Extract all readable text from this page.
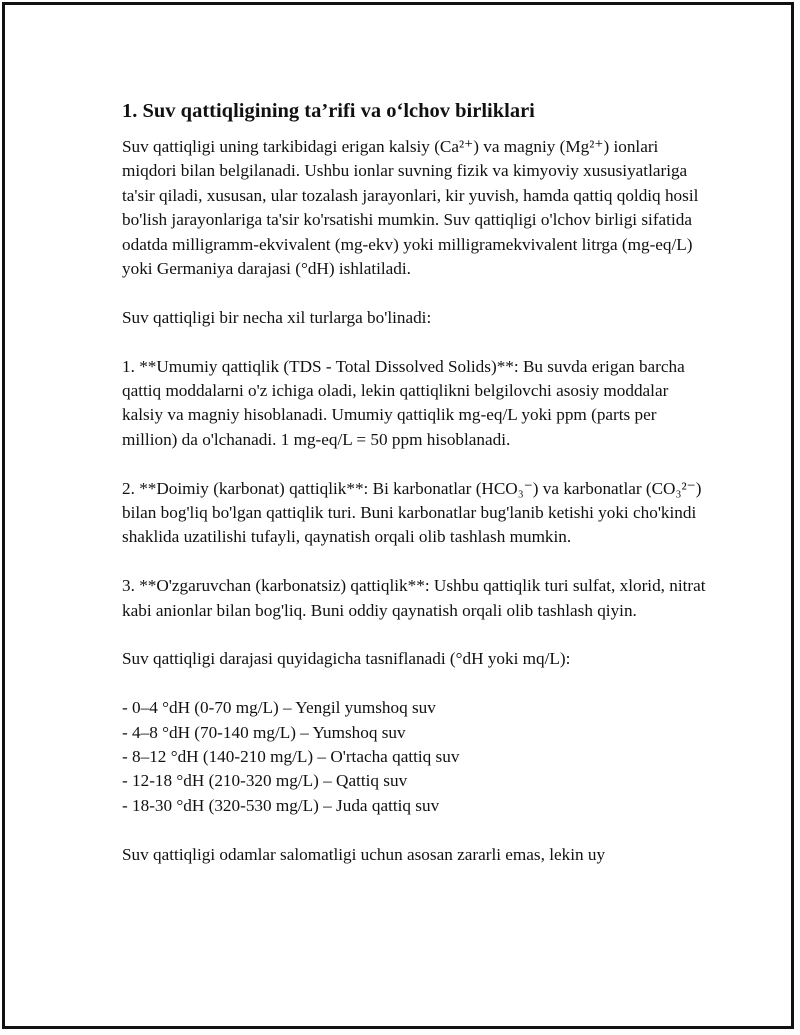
1. Suv qattiqligining ta’rifi va o‘lchov birliklari

Suv qattiqligi uning tarkibidagi erigan kalsiy (Ca²⁺) va magniy (Mg²⁺) ionlari miqdori bilan belgilanadi. Ushbu ionlar suvning fizik va kimyoviy xususiyatlariga ta'sir qiladi, xususan, ular tozalash jarayonlari, kir yuvish, hamda qattiq qoldiq hosil bo'lish jarayonlariga ta'sir ko'rsatishi mumkin. Suv qattiqligi o'lchov birligi sifatida odatda milligramm-ekvivalent (mg-ekv) yoki milligramekvivalent litrga (mg-eq/L) yoki Germaniya darajasi (°dH) ishlatiladi.

Suv qattiqligi bir necha xil turlarga bo'linadi:

1. **Umumiy qattiqlik (TDS - Total Dissolved Solids)**: Bu suvda erigan barcha qattiq moddalarni o'z ichiga oladi, lekin qattiqlikni belgilovchi asosiy moddalar kalsiy va magniy hisoblanadi. Umumiy qattiqlik mg-eq/L yoki ppm (parts per million) da o'lchanadi. 1 mg-eq/L = 50 ppm hisoblanadi.

2. **Doimiy (karbonat) qattiqlik**: Bi karbonatlar (HCO₃⁻) va karbonatlar (CO₃²⁻) bilan bog'liq bo'lgan qattiqlik turi. Buni karbonatlar bug'lanib ketishi yoki cho'kindi shaklida uzatilishi tufayli, qaynatish orqali olib tashlash mumkin.

3. **O'zgaruvchan (karbonatsiz) qattiqlik**: Ushbu qattiqlik turi sulfat, xlorid, nitrat kabi anionlar bilan bog'liq. Buni oddiy qaynatish orqali olib tashlash qiyin.

Suv qattiqligi darajasi quyidagicha tasniflanadi (°dH yoki mq/L):

- 0–4 °dH (0-70 mg/L) – Yengil yumshoq suv
- 4–8 °dH (70-140 mg/L) – Yumshoq suv
- 8–12 °dH (140-210 mg/L) – O'rtacha qattiq suv
- 12-18 °dH (210-320 mg/L) – Qattiq suv
- 18-30 °dH (320-530 mg/L) – Juda qattiq suv

Suv qattiqligi odamlar salomatligi uchun asosan zararli emas, lekin uy
